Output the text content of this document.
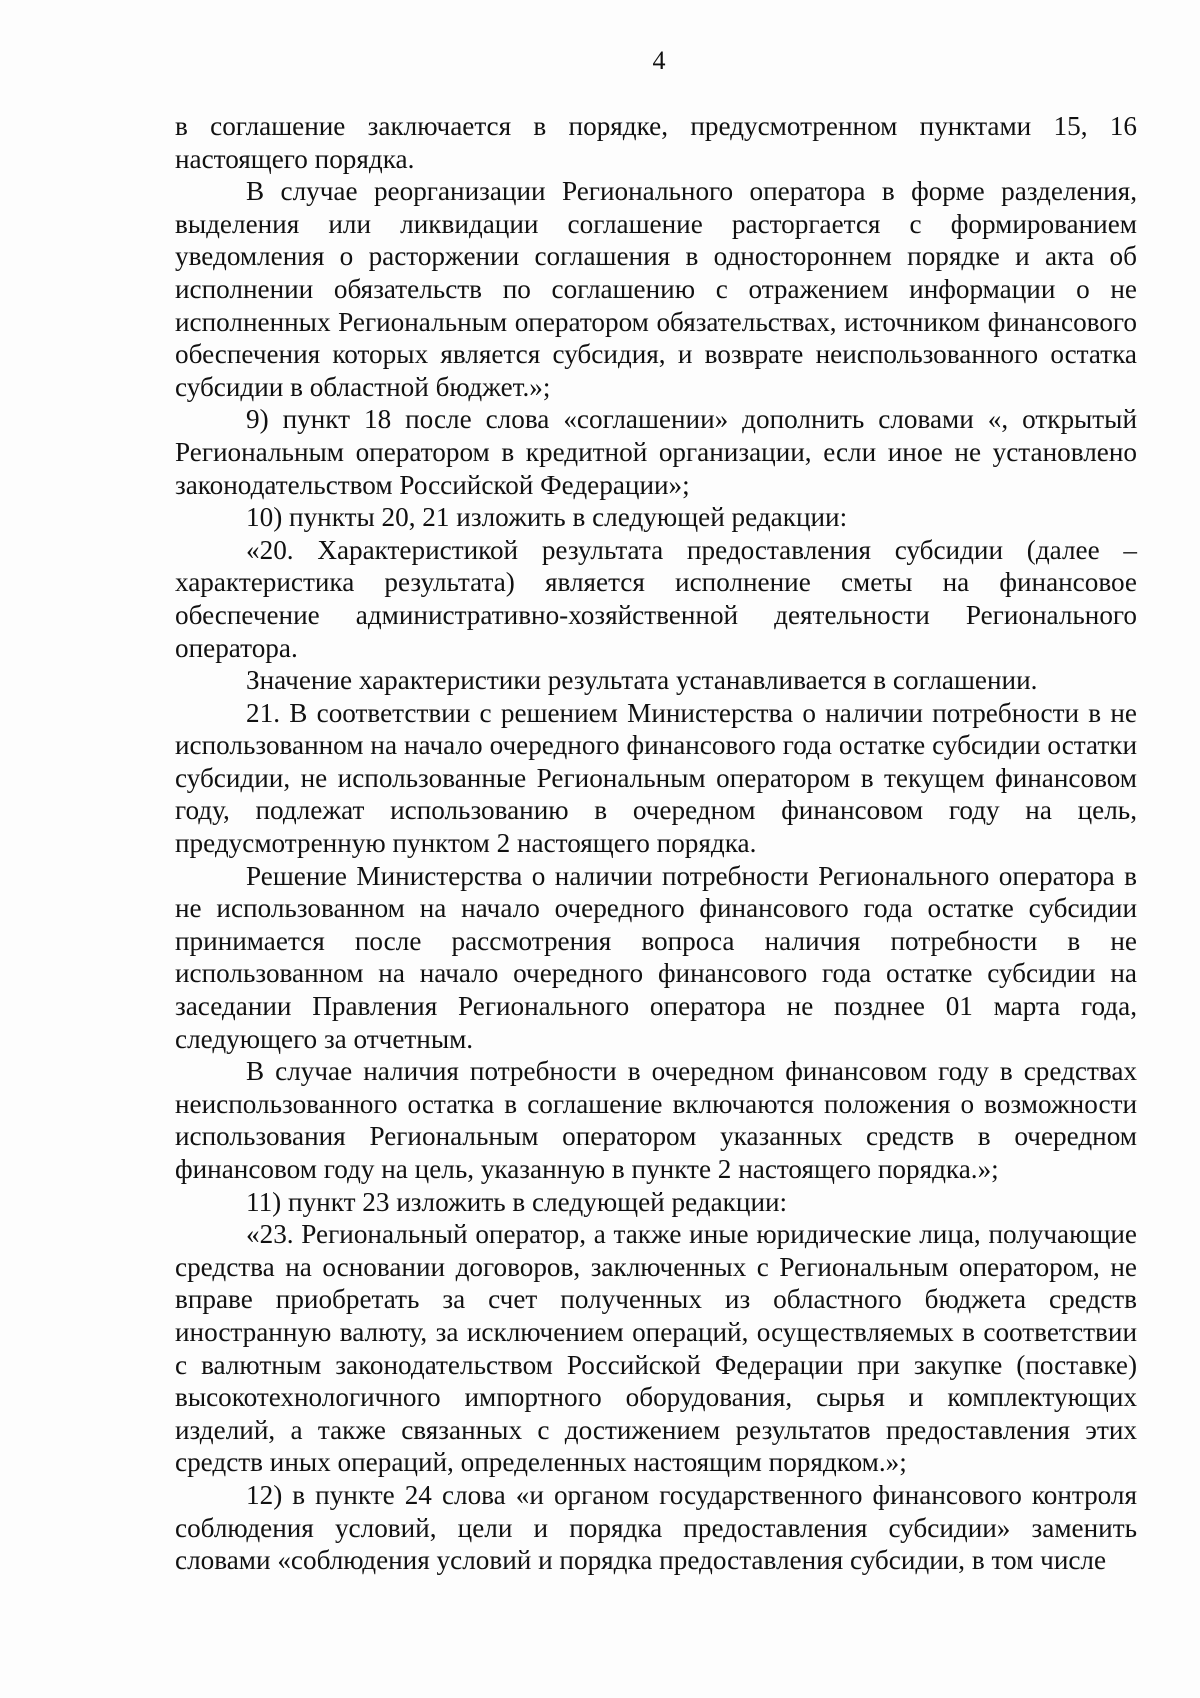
4

в соглашение заключается в порядке, предусмотренном пунктами 15, 16 настоящего порядка.

В случае реорганизации Регионального оператора в форме разделения, выделения или ликвидации соглашение расторгается с формированием уведомления о расторжении соглашения в одностороннем порядке и акта об исполнении обязательств по соглашению с отражением информации о не исполненных Региональным оператором обязательствах, источником финансового обеспечения которых является субсидия, и возврате неиспользованного остатка субсидии в областной бюджет.»;

9) пункт 18 после слова «соглашении» дополнить словами «, открытый Региональным оператором в кредитной организации, если иное не установлено законодательством Российской Федерации»;

10) пункты 20, 21 изложить в следующей редакции:

«20. Характеристикой результата предоставления субсидии (далее – характеристика результата) является исполнение сметы на финансовое обеспечение административно-хозяйственной деятельности Регионального оператора.

Значение характеристики результата устанавливается в соглашении.

21. В соответствии с решением Министерства о наличии потребности в не использованном на начало очередного финансового года остатке субсидии остатки субсидии, не использованные Региональным оператором в текущем финансовом году, подлежат использованию в очередном финансовом году на цель, предусмотренную пунктом 2 настоящего порядка.

Решение Министерства о наличии потребности Регионального оператора в не использованном на начало очередного финансового года остатке субсидии принимается после рассмотрения вопроса наличия потребности в не использованном на начало очередного финансового года остатке субсидии на заседании Правления Регионального оператора не позднее 01 марта года, следующего за отчетным.

В случае наличия потребности в очередном финансовом году в средствах неиспользованного остатка в соглашение включаются положения о возможности использования Региональным оператором указанных средств в очередном финансовом году на цель, указанную в пункте 2 настоящего порядка.»;

11) пункт 23 изложить в следующей редакции:

«23. Региональный оператор, а также иные юридические лица, получающие средства на основании договоров, заключенных с Региональным оператором, не вправе приобретать за счет полученных из областного бюджета средств иностранную валюту, за исключением операций, осуществляемых в соответствии с валютным законодательством Российской Федерации при закупке (поставке) высокотехнологичного импортного оборудования, сырья и комплектующих изделий, а также связанных с достижением результатов предоставления этих средств иных операций, определенных настоящим порядком.»;

12) в пункте 24 слова «и органом государственного финансового контроля соблюдения условий, цели и порядка предоставления субсидии» заменить словами «соблюдения условий и порядка предоставления субсидии, в том числе
